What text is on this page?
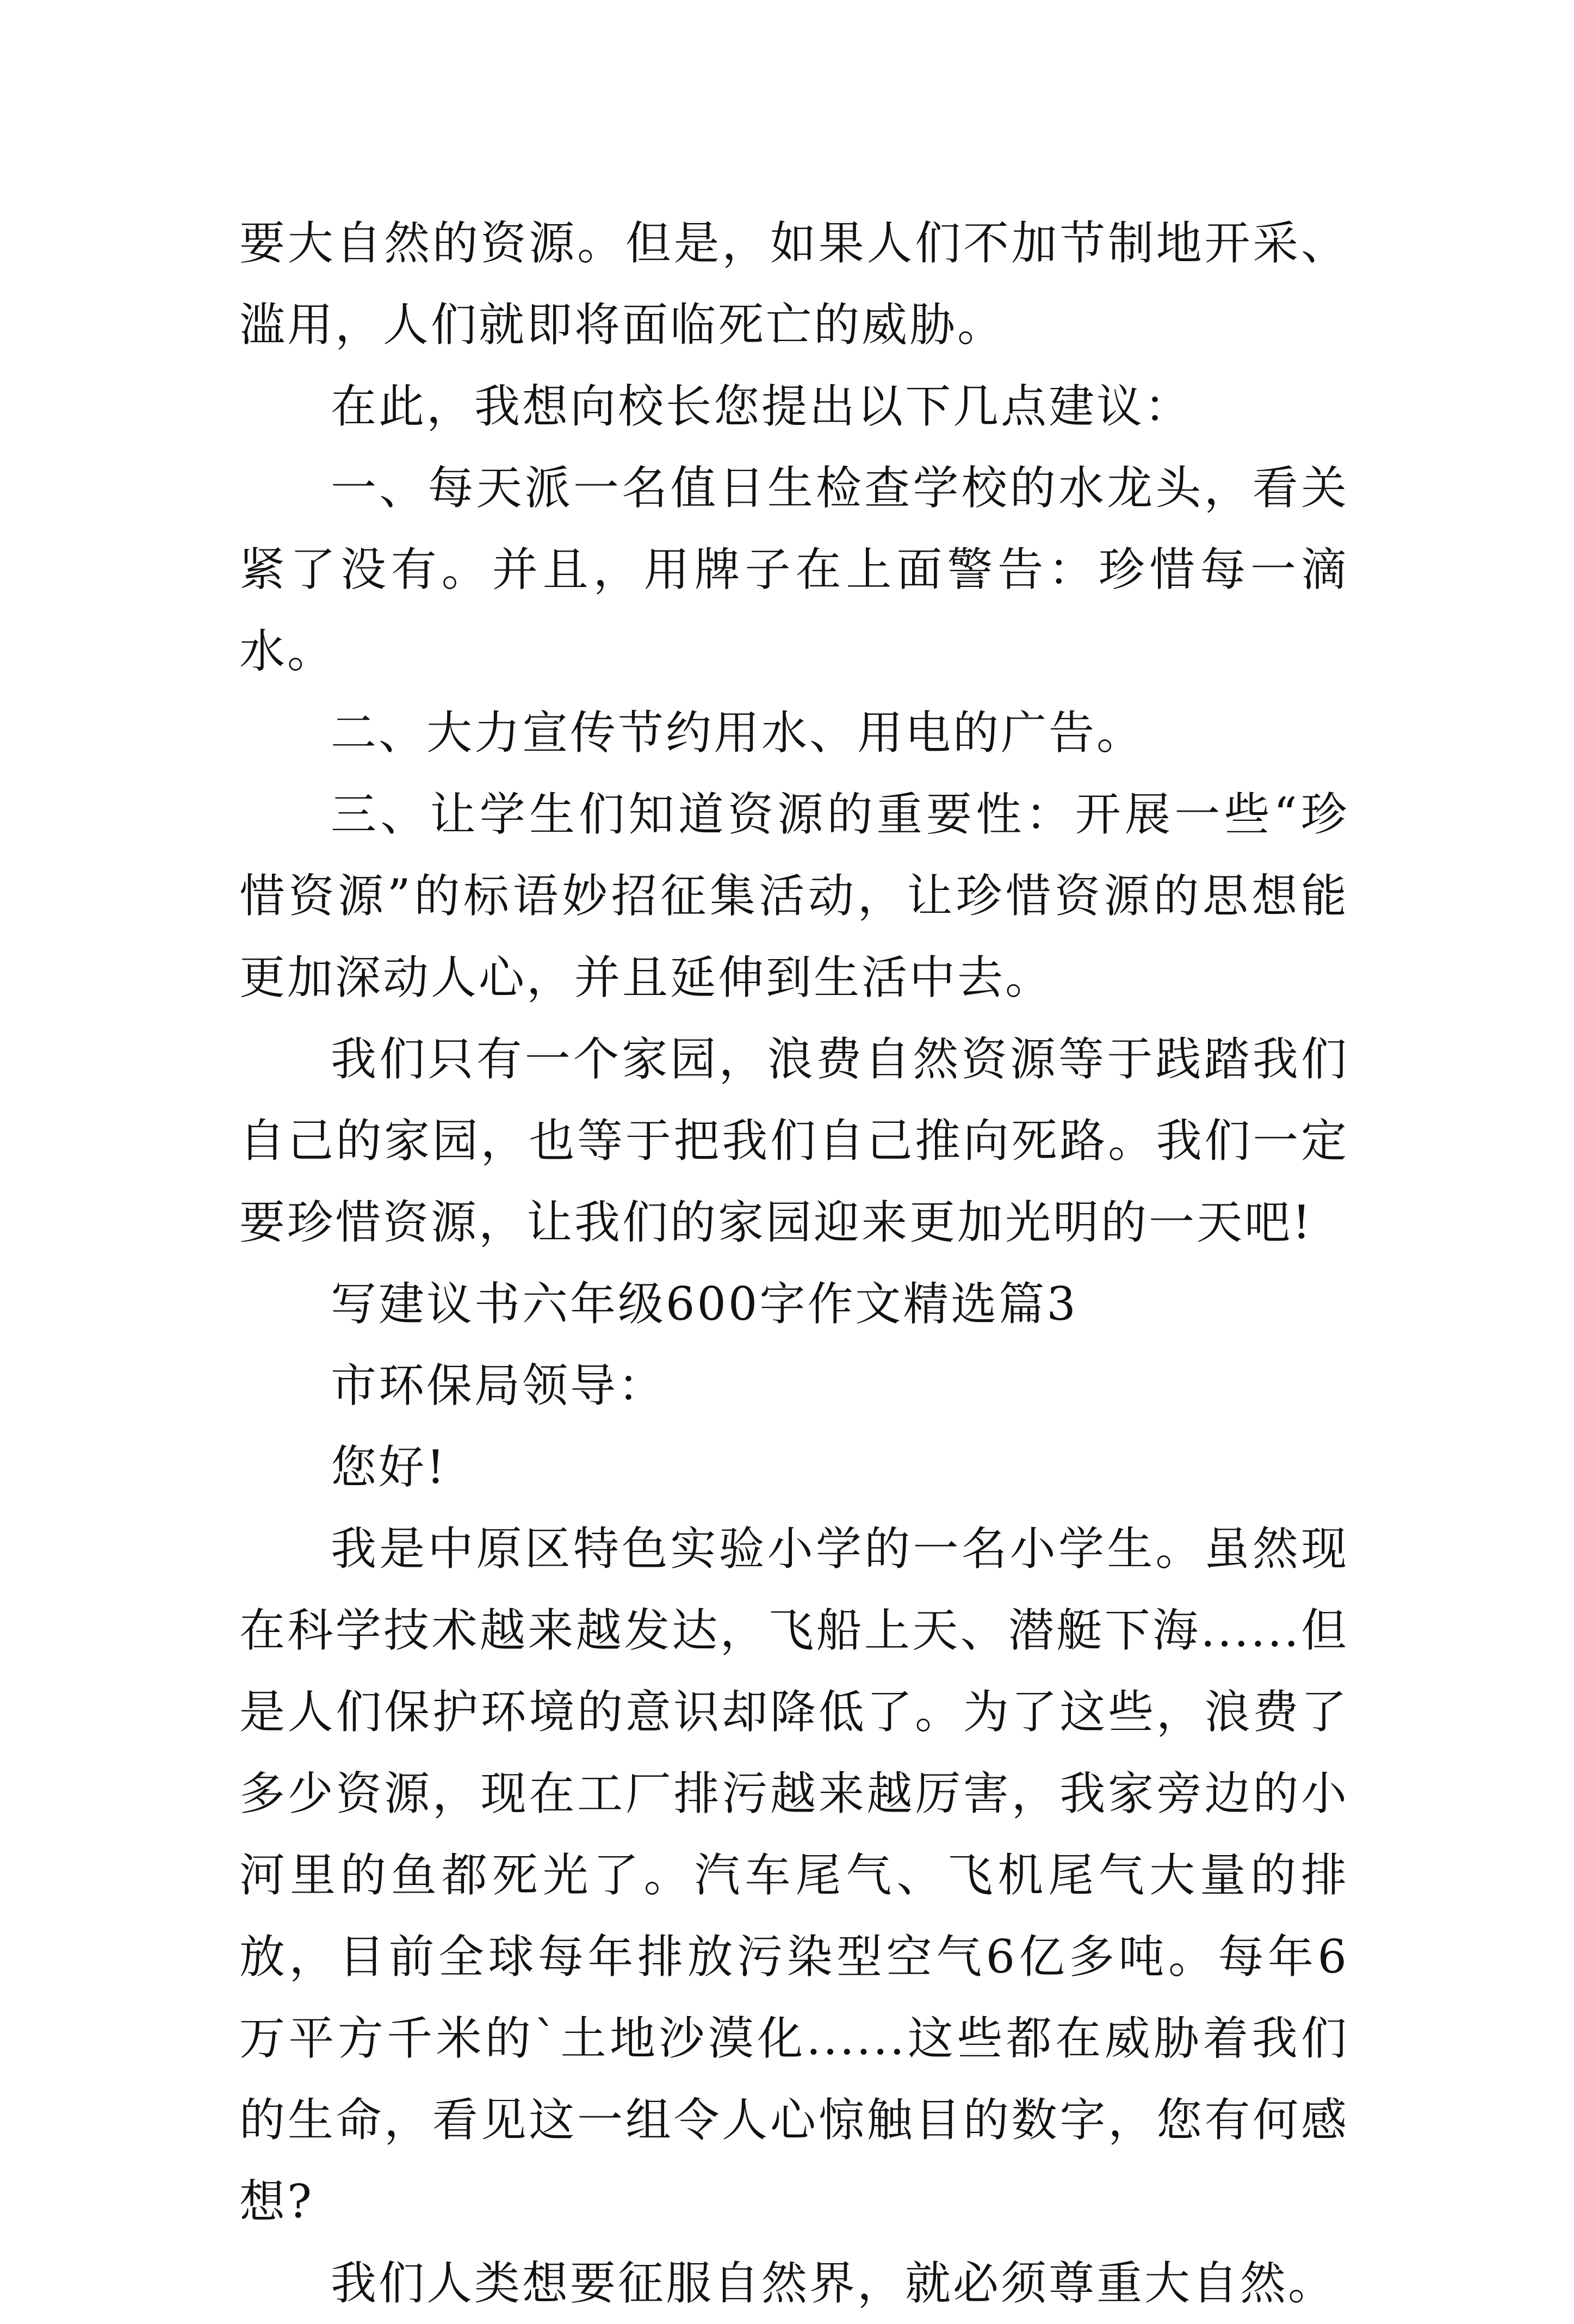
要大自然的资源。但是，如果人们不加节制地开采、滥用，人们就即将面临死亡的威胁。

在此，我想向校长您提出以下几点建议：

一、每天派一名值日生检查学校的水龙头，看关紧了没有。并且，用牌子在上面警告：珍惜每一滴水。

二、大力宣传节约用水、用电的广告。

三、让学生们知道资源的重要性：开展一些“珍惜资源”的标语妙招征集活动，让珍惜资源的思想能更加深动人心，并且延伸到生活中去。

我们只有一个家园，浪费自然资源等于践踏我们自己的家园，也等于把我们自己推向死路。我们一定要珍惜资源，让我们的家园迎来更加光明的一天吧!

写建议书六年级600字作文精选篇3

市环保局领导：

您好!

我是中原区特色实验小学的一名小学生。虽然现在科学技术越来越发达，飞船上天、潜艇下海......但是人们保护环境的意识却降低了。为了这些，浪费了多少资源，现在工厂排污越来越厉害，我家旁边的小河里的鱼都死光了。汽车尾气、飞机尾气大量的排放，目前全球每年排放污染型空气6亿多吨。每年6万平方千米的`土地沙漠化......这些都在威胁着我们的生命，看见这一组令人心惊触目的数字，您有何感想?

我们人类想要征服自然界，就必须尊重大自然。
